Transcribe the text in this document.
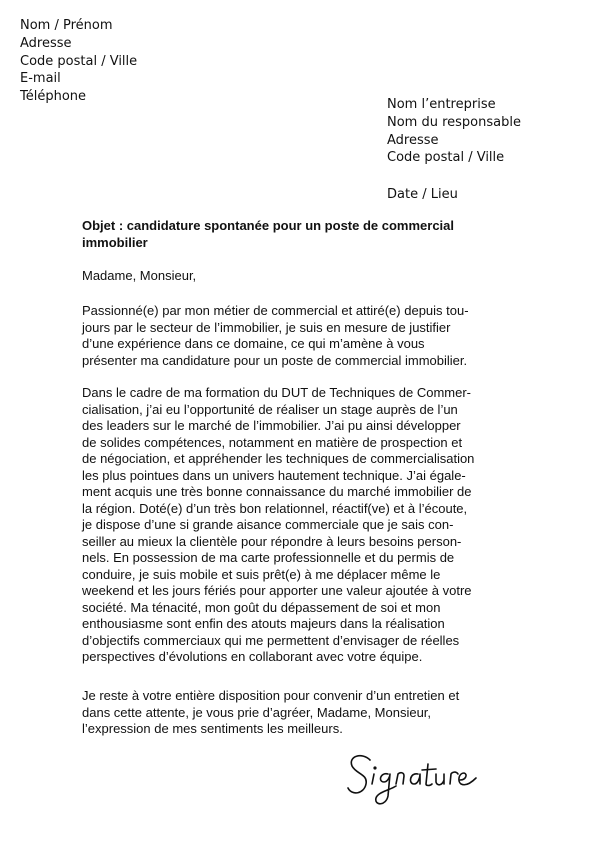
Nom / Prénom
Adresse
Code postal / Ville
E-mail
Téléphone
Nom l’entreprise
Nom du responsable
Adresse
Code postal / Ville
Date / Lieu
Objet : candidature spontanée pour un poste de commercial
immobilier
Madame, Monsieur,
Passionné(e) par mon métier de commercial et attiré(e) depuis tou-
jours par le secteur de l’immobilier, je suis en mesure de justifier
d’une expérience dans ce domaine, ce qui m’amène à vous
présenter ma candidature pour un poste de commercial immobilier.
Dans le cadre de ma formation du DUT de Techniques de Commer-
cialisation, j’ai eu l’opportunité de réaliser un stage auprès de l’un
des leaders sur le marché de l’immobilier. J’ai pu ainsi développer
de solides compétences, notamment en matière de prospection et
de négociation, et appréhender les techniques de commercialisation
les plus pointues dans un univers hautement technique. J’ai égale-
ment acquis une très bonne connaissance du marché immobilier de
la région. Doté(e) d’un très bon relationnel, réactif(ve) et à l’écoute,
je dispose d’une si grande aisance commerciale que je sais con-
seiller au mieux la clientèle pour répondre à leurs besoins person-
nels. En possession de ma carte professionnelle et du permis de
conduire, je suis mobile et suis prêt(e) à me déplacer même le
weekend et les jours fériés pour apporter une valeur ajoutée à votre
société. Ma ténacité, mon goût du dépassement de soi et mon
enthousiasme sont enfin des atouts majeurs dans la réalisation
d’objectifs commerciaux qui me permettent d’envisager de réelles
perspectives d’évolutions en collaborant avec votre équipe.
Je reste à votre entière disposition pour convenir d’un entretien et
dans cette attente, je vous prie d’agréer, Madame, Monsieur,
l’expression de mes sentiments les meilleurs.
